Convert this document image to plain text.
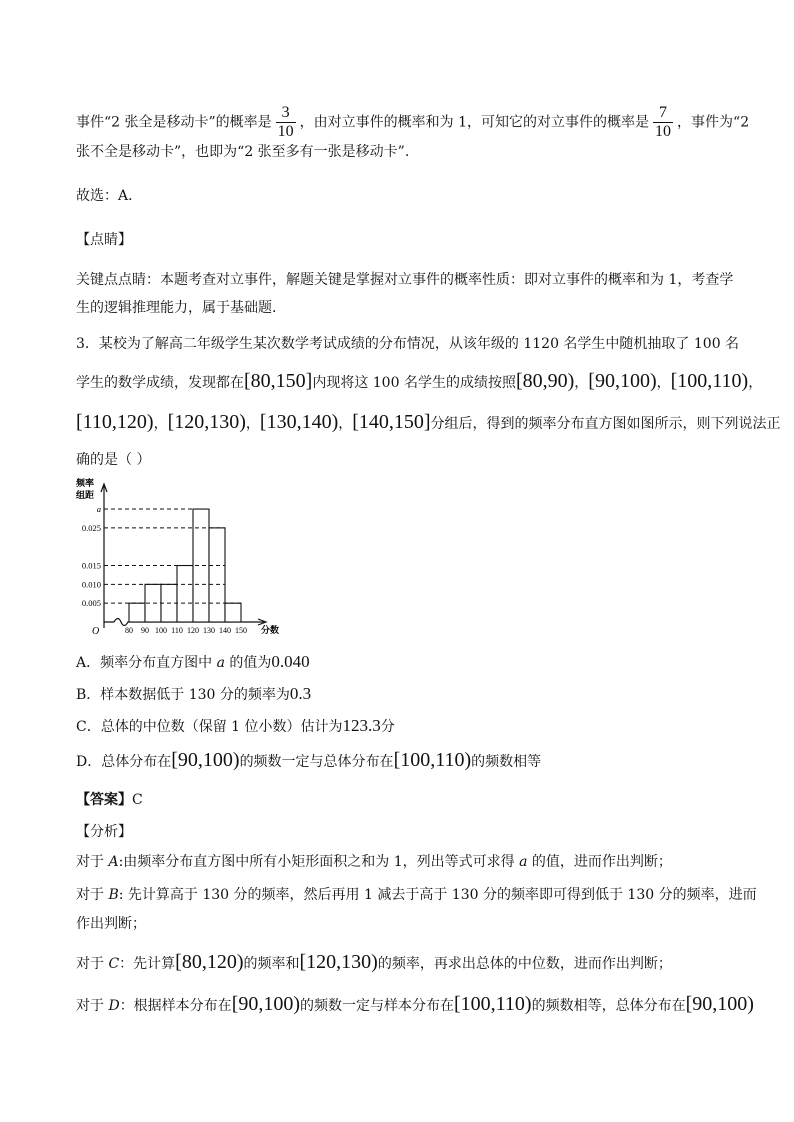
事件“2 张全是移动卡”的概率是 $\frac{3}{10}$ ，由对立事件的概率和为 1，可知它的对立事件的概率是 $\frac{7}{10}$ ，事件为“2
张不全是移动卡”，也即为“2 张至多有一张是移动卡”.
故选：A．
【点睛】
关键点点睛：本题考查对立事件，解题关键是掌握对立事件的概率性质：即对立事件的概率和为 1，考查学
生的逻辑推理能力，属于基础题.
3．某校为了解高二年级学生某次数学考试成绩的分布情况，从该年级的 1120 名学生中随机抽取了 100 名
学生的数学成绩，发现都在[80,150]内现将这 100 名学生的成绩按照[80,90)，[90,100)，[100,110)，
[110,120)，[120,130)，[130,140)，[140,150]分组后，得到的频率分布直方图如图所示，则下列说法正
确的是（ ）
频率
组距
O
a
0.025
0.015
0.010
0.005
80 90 100 110 120 130 140 150 分数
A．频率分布直方图中 a 的值为0.040
B．样本数据低于 130 分的频率为0.3
C．总体的中位数（保留 1 位小数）估计为123.3分
D．总体分布在[90,100)的频数一定与总体分布在[100,110)的频数相等
【答案】C
【分析】
对于 A:由频率分布直方图中所有小矩形面积之和为 1，列出等式可求得 a 的值，进而作出判断；
对于 B: 先计算高于 130 分的频率，然后再用 1 减去于高于 130 分的频率即可得到低于 130 分的频率，进而
作出判断；
对于 C：先计算[80,120)的频率和[120,130)的频率，再求出总体的中位数，进而作出判断；
对于 D：根据样本分布在[90,100)的频数一定与样本分布在[100,110)的频数相等，总体分布在[90,100)
